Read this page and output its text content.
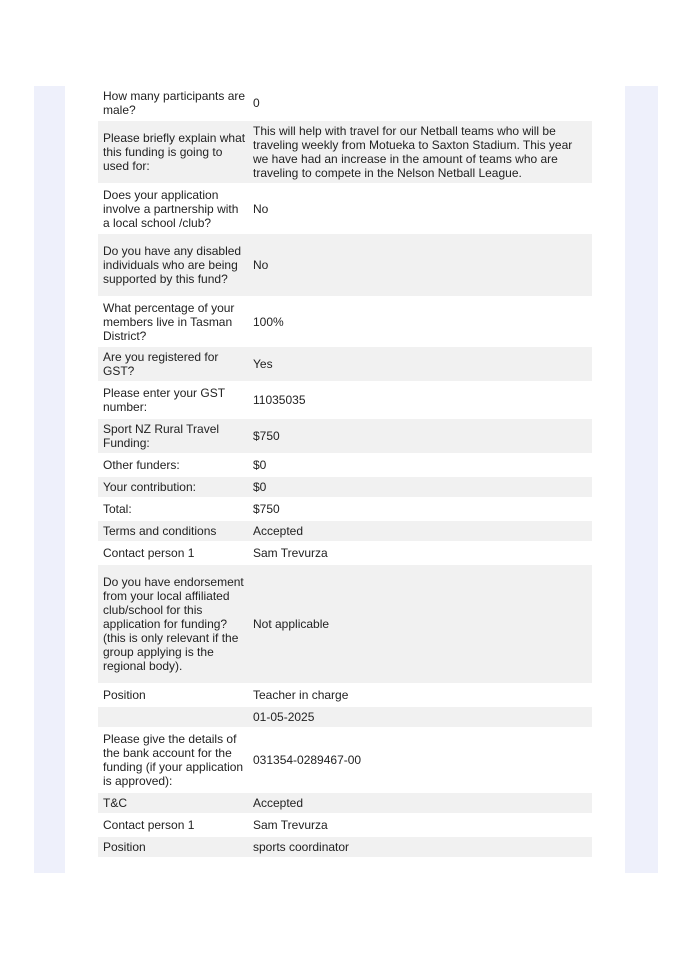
How many participants are male?	0
Please briefly explain what this funding is going to used for:	This will help with travel for our Netball teams who will be traveling weekly from Motueka to Saxton Stadium. This year we have had an increase in the amount of teams who are traveling to compete in the Nelson Netball League.
Does your application involve a partnership with a local school /club?	No
Do you have any disabled individuals who are being supported by this fund?	No
What percentage of your members live in Tasman District?	100%
Are you registered for GST?	Yes
Please enter your GST number:	11035035
Sport NZ Rural Travel Funding:	$750
Other funders:	$0
Your contribution:	$0
Total:	$750
Terms and conditions	Accepted
Contact person 1	Sam Trevurza
Do you have endorsement from your local affiliated club/school for this application for funding? (this is only relevant if the group applying is the regional body).	Not applicable
Position	Teacher in charge
	01-05-2025
Please give the details of the bank account for the funding (if your application is approved):	031354-0289467-00
T&C	Accepted
Contact person 1	Sam Trevurza
Position	sports coordinator
